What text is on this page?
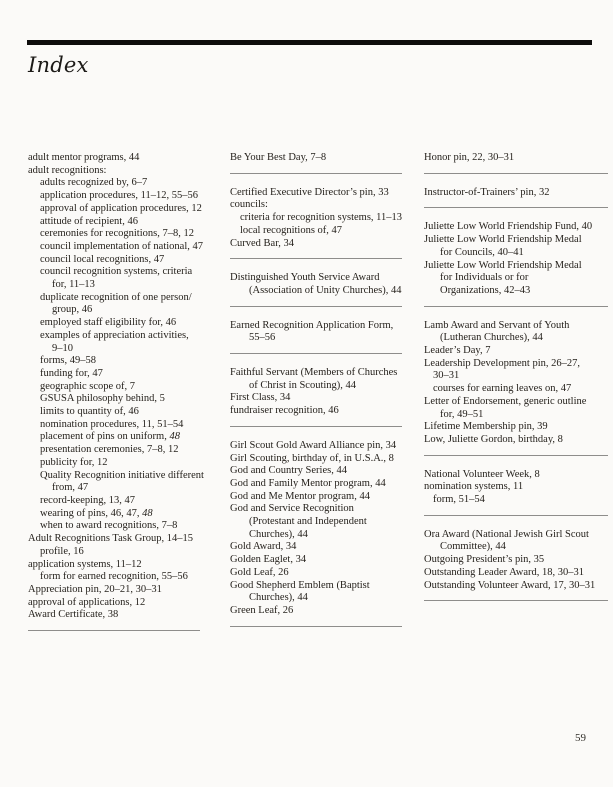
Index
adult mentor programs, 44
adult recognitions:
adults recognized by, 6–7
application procedures, 11–12, 55–56
approval of application procedures, 12
attitude of recipient, 46
ceremonies for recognitions, 7–8, 12
council implementation of national, 47
council local recognitions, 47
council recognition systems, criteria
for, 11–13
duplicate recognition of one person/
group, 46
employed staff eligibility for, 46
examples of appreciation activities,
9–10
forms, 49–58
funding for, 47
geographic scope of, 7
GSUSA philosophy behind, 5
limits to quantity of, 46
nomination procedures, 11, 51–54
placement of pins on uniform, 48
presentation ceremonies, 7–8, 12
publicity for, 12
Quality Recognition initiative different
from, 47
record-keeping, 13, 47
wearing of pins, 46, 47, 48
when to award recognitions, 7–8
Adult Recognitions Task Group, 14–15
profile, 16
application systems, 11–12
form for earned recognition, 55–56
Appreciation pin, 20–21, 30–31
approval of applications, 12
Award Certificate, 38
Be Your Best Day, 7–8
Certified Executive Director’s pin, 33
councils:
criteria for recognition systems, 11–13
local recognitions of, 47
Curved Bar, 34
Distinguished Youth Service Award
(Association of Unity Churches), 44
Earned Recognition Application Form,
55–56
Faithful Servant (Members of Churches
of Christ in Scouting), 44
First Class, 34
fundraiser recognition, 46
Girl Scout Gold Award Alliance pin, 34
Girl Scouting, birthday of, in U.S.A., 8
God and Country Series, 44
God and Family Mentor program, 44
God and Me Mentor program, 44
God and Service Recognition
(Protestant and Independent
Churches), 44
Gold Award, 34
Golden Eaglet, 34
Gold Leaf, 26
Good Shepherd Emblem (Baptist
Churches), 44
Green Leaf, 26
Honor pin, 22, 30–31
Instructor-of-Trainers’ pin, 32
Juliette Low World Friendship Fund, 40
Juliette Low World Friendship Medal
for Councils, 40–41
Juliette Low World Friendship Medal
for Individuals or for
Organizations, 42–43
Lamb Award and Servant of Youth
(Lutheran Churches), 44
Leader’s Day, 7
Leadership Development pin, 26–27,
30–31
courses for earning leaves on, 47
Letter of Endorsement, generic outline
for, 49–51
Lifetime Membership pin, 39
Low, Juliette Gordon, birthday, 8
National Volunteer Week, 8
nomination systems, 11
form, 51–54
Ora Award (National Jewish Girl Scout
Committee), 44
Outgoing President’s pin, 35
Outstanding Leader Award, 18, 30–31
Outstanding Volunteer Award, 17, 30–31
59
